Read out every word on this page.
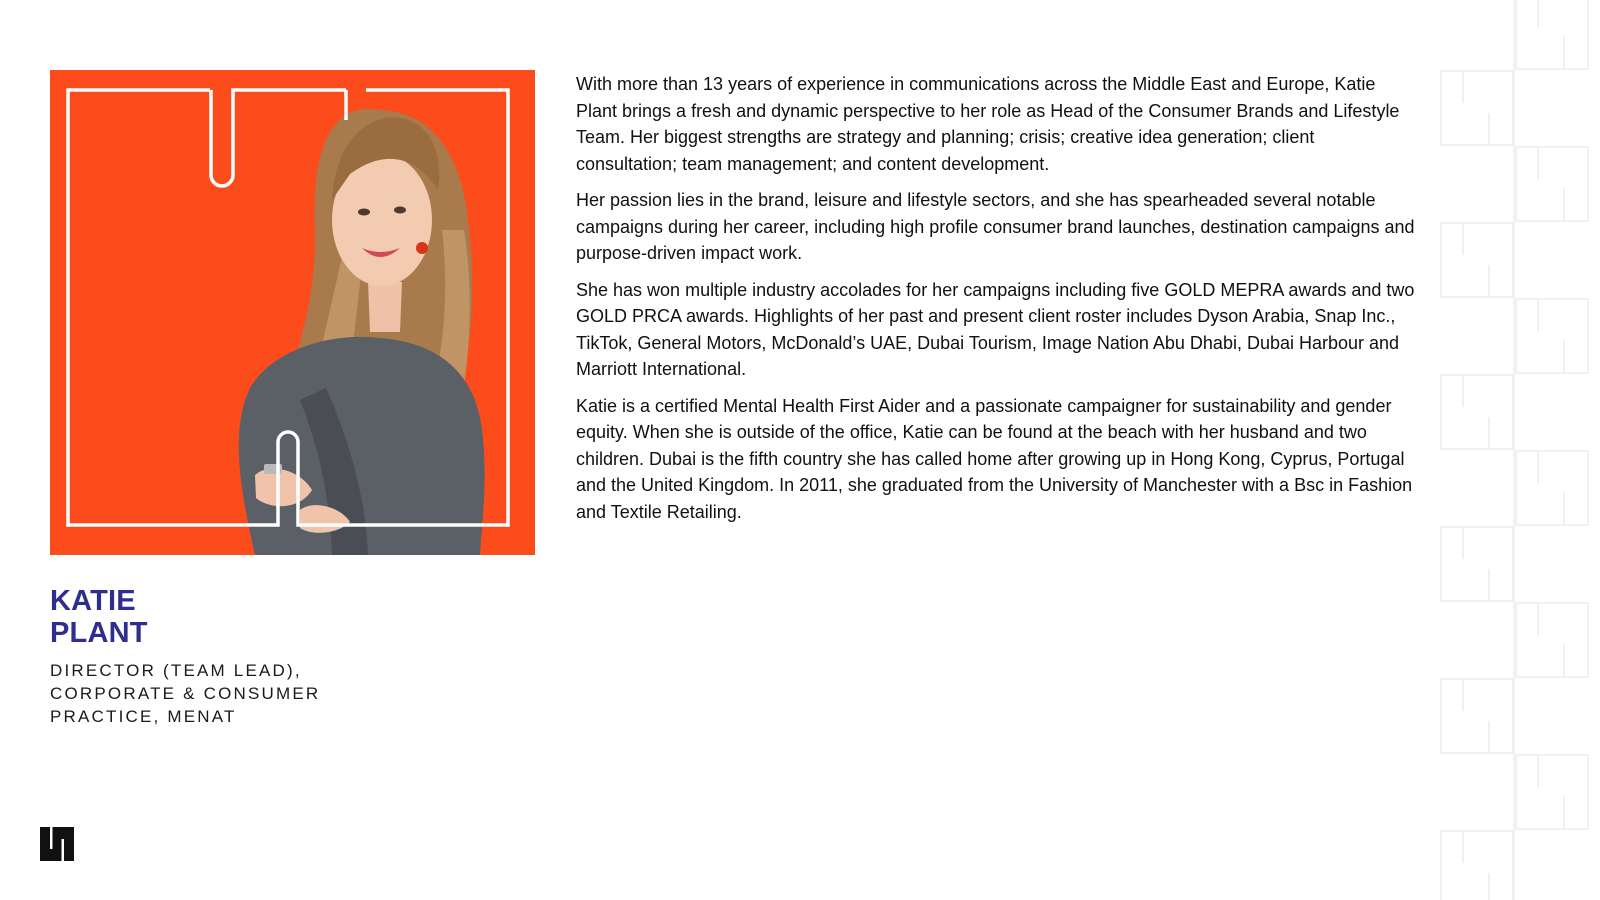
KATIE
PLANT
DIRECTOR (TEAM LEAD),
CORPORATE & CONSUMER
PRACTICE, MENAT

With more than 13 years of experience in communications across the Middle East and Europe, Katie Plant brings a fresh and dynamic perspective to her role as Head of the Consumer Brands and Lifestyle Team. Her biggest strengths are strategy and planning; crisis; creative idea generation; client consultation; team management; and content development.

Her passion lies in the brand, leisure and lifestyle sectors, and she has spearheaded several notable campaigns during her career, including high profile consumer brand launches, destination campaigns and purpose-driven impact work.

She has won multiple industry accolades for her campaigns including five GOLD MEPRA awards and two GOLD PRCA awards. Highlights of her past and present client roster includes Dyson Arabia, Snap Inc., TikTok, General Motors, McDonald’s UAE, Dubai Tourism, Image Nation Abu Dhabi, Dubai Harbour and Marriott International.

Katie is a certified Mental Health First Aider and a passionate campaigner for sustainability and gender equity. When she is outside of the office, Katie can be found at the beach with her husband and two children. Dubai is the fifth country she has called home after growing up in Hong Kong, Cyprus, Portugal and the United Kingdom. In 2011, she graduated from the University of Manchester with a Bsc in Fashion and Textile Retailing.
